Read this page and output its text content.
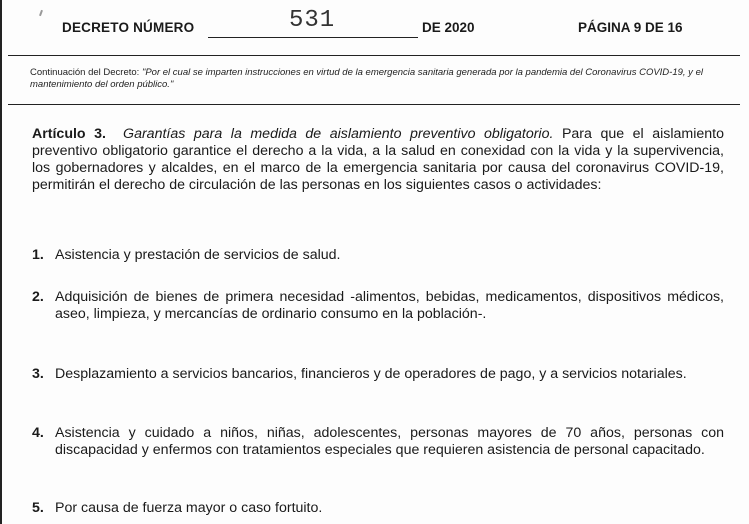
DECRETO NÚMERO	531	DE 2020	PÁGINA 9 DE 16

Continuación del Decreto: "Por el cual se imparten instrucciones en virtud de la emergencia sanitaria generada por la pandemia del Coronavirus COVID-19, y el mantenimiento del orden público."

Artículo 3. Garantías para la medida de aislamiento preventivo obligatorio. Para que el aislamiento preventivo obligatorio garantice el derecho a la vida, a la salud en conexidad con la vida y la supervivencia, los gobernadores y alcaldes, en el marco de la emergencia sanitaria por causa del coronavirus COVID-19, permitirán el derecho de circulación de las personas en los siguientes casos o actividades:
1. Asistencia y prestación de servicios de salud.
2. Adquisición de bienes de primera necesidad -alimentos, bebidas, medicamentos, dispositivos médicos, aseo, limpieza, y mercancías de ordinario consumo en la población-.
3. Desplazamiento a servicios bancarios, financieros y de operadores de pago, y a servicios notariales.
4. Asistencia y cuidado a niños, niñas, adolescentes, personas mayores de 70 años, personas con discapacidad y enfermos con tratamientos especiales que requieren asistencia de personal capacitado.
5. Por causa de fuerza mayor o caso fortuito.
